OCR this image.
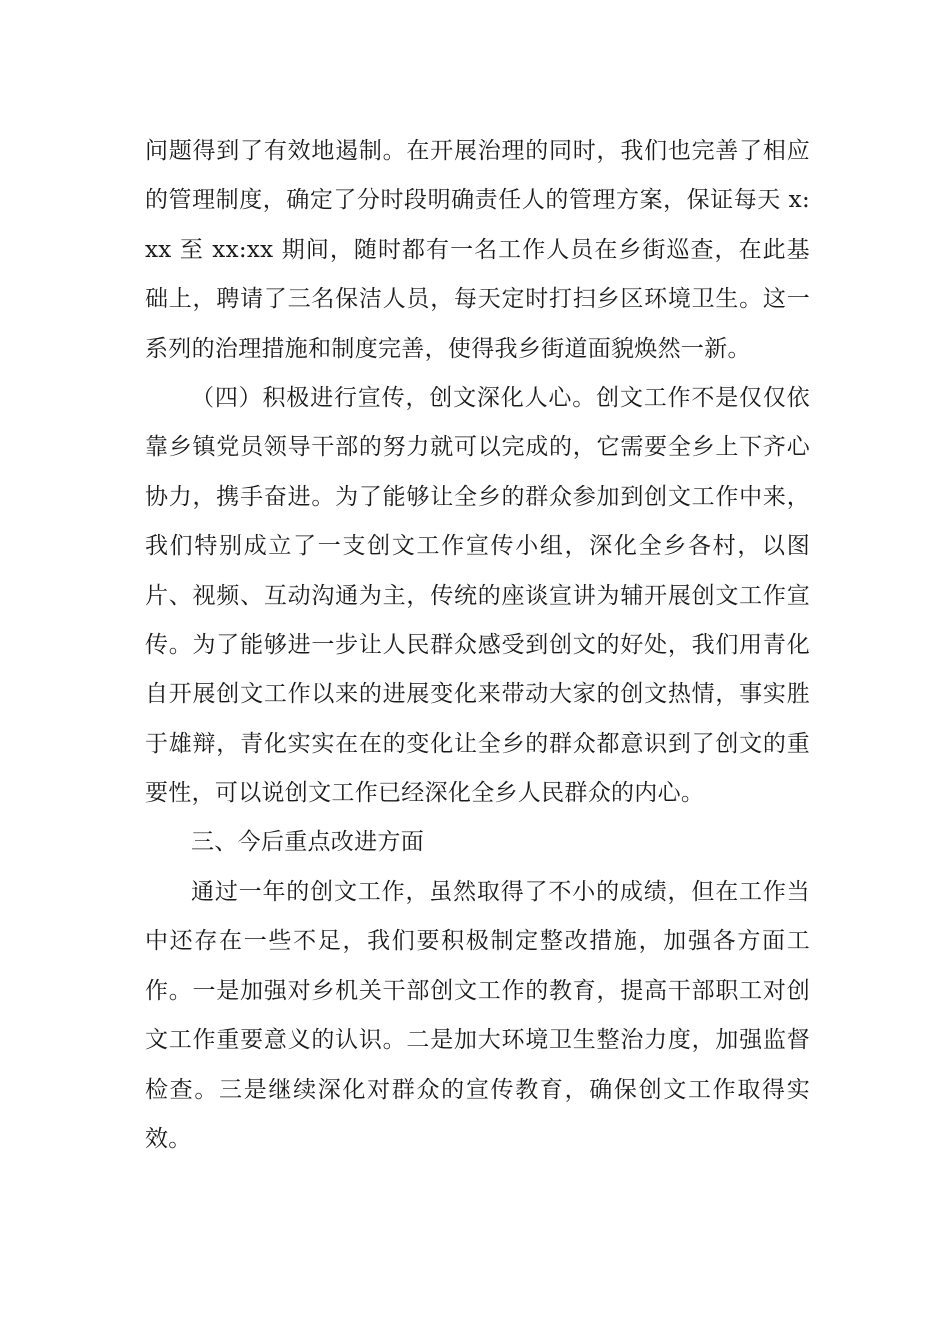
问题得到了有效地遏制。在开展治理的同时，我们也完善了相应的管理制度，确定了分时段明确责任人的管理方案，保证每天 x:xx 至 xx:xx 期间，随时都有一名工作人员在乡街巡查，在此基础上，聘请了三名保洁人员，每天定时打扫乡区环境卫生。这一系列的治理措施和制度完善，使得我乡街道面貌焕然一新。

（四）积极进行宣传，创文深化人心。创文工作不是仅仅依靠乡镇党员领导干部的努力就可以完成的，它需要全乡上下齐心协力，携手奋进。为了能够让全乡的群众参加到创文工作中来，我们特别成立了一支创文工作宣传小组，深化全乡各村，以图片、视频、互动沟通为主，传统的座谈宣讲为辅开展创文工作宣传。为了能够进一步让人民群众感受到创文的好处，我们用青化自开展创文工作以来的进展变化来带动大家的创文热情，事实胜于雄辩，青化实实在在的变化让全乡的群众都意识到了创文的重要性，可以说创文工作已经深化全乡人民群众的内心。

三、今后重点改进方面

通过一年的创文工作，虽然取得了不小的成绩，但在工作当中还存在一些不足，我们要积极制定整改措施，加强各方面工作。一是加强对乡机关干部创文工作的教育，提高干部职工对创文工作重要意义的认识。二是加大环境卫生整治力度，加强监督检查。三是继续深化对群众的宣传教育，确保创文工作取得实效。
